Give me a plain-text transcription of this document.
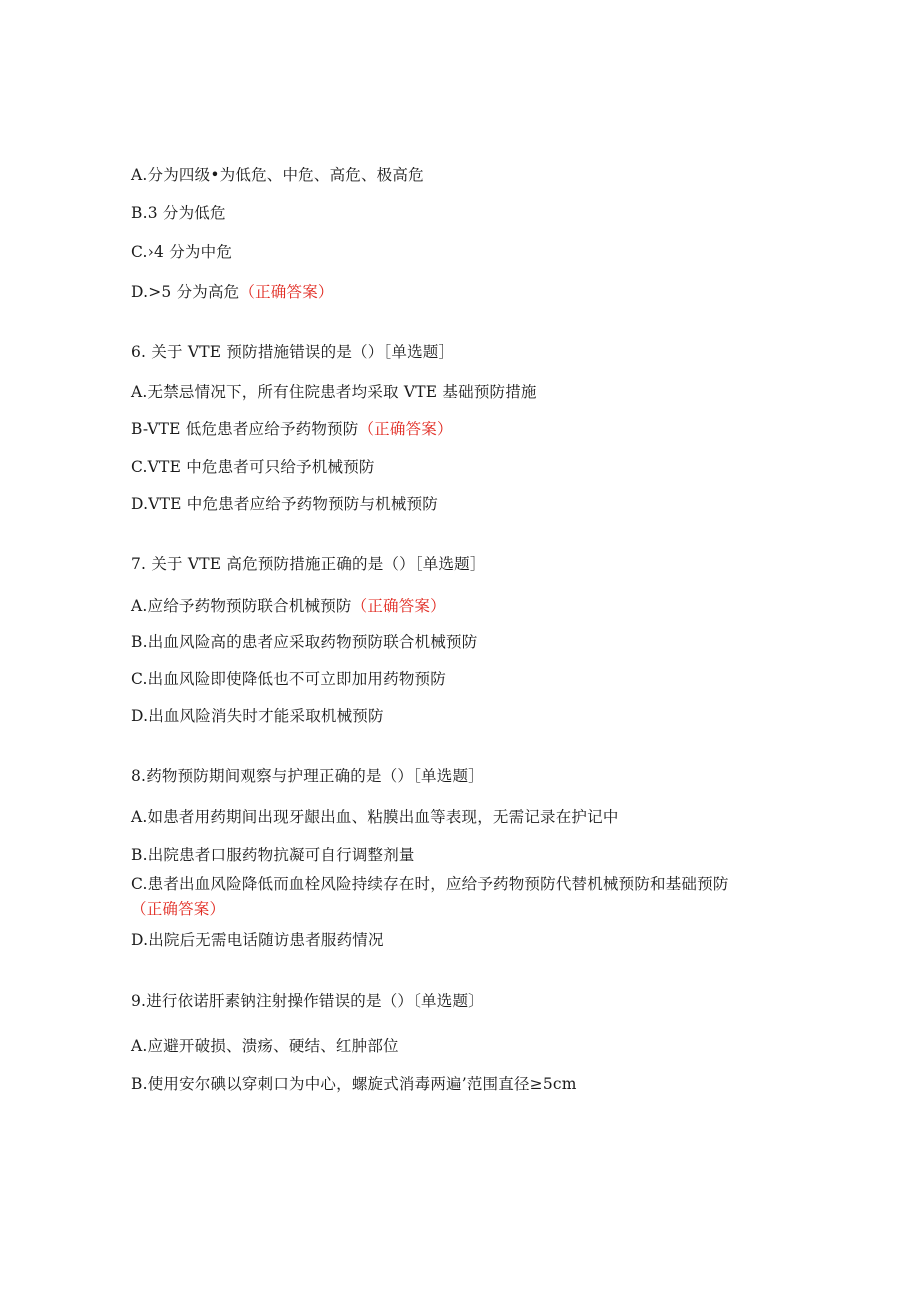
A.分为四级•为低危、中危、高危、极高危
B.3 分为低危
C.›4 分为中危
D.>5 分为高危（正确答案）
6. 关于 VTE 预防措施错误的是（）［单选题］
A.无禁忌情况下，所有住院患者均采取 VTE 基础预防措施
B-VTE 低危患者应给予药物预防（正确答案）
C.VTE 中危患者可只给予机械预防
D.VTE 中危患者应给予药物预防与机械预防
7. 关于 VTE 高危预防措施正确的是（）［单选题］
A.应给予药物预防联合机械预防（正确答案）
B.出血风险高的患者应采取药物预防联合机械预防
C.出血风险即使降低也不可立即加用药物预防
D.出血风险消失时才能采取机械预防
8.药物预防期间观察与护理正确的是（）［单选题］
A.如患者用药期间出现牙龈出血、粘膜出血等表现，无需记录在护记中
B.出院患者口服药物抗凝可自行调整剂量
C.患者出血风险降低而血栓风险持续存在时，应给予药物预防代替机械预防和基础预防
（正确答案）
D.出院后无需电话随访患者服药情况
9.进行依诺肝素钠注射操作错误的是（）〔单选题〕
A.应避开破损、溃疡、硬结、红肿部位
B.使用安尔碘以穿刺口为中心，螺旋式消毒两遍’范围直径≥5cm
